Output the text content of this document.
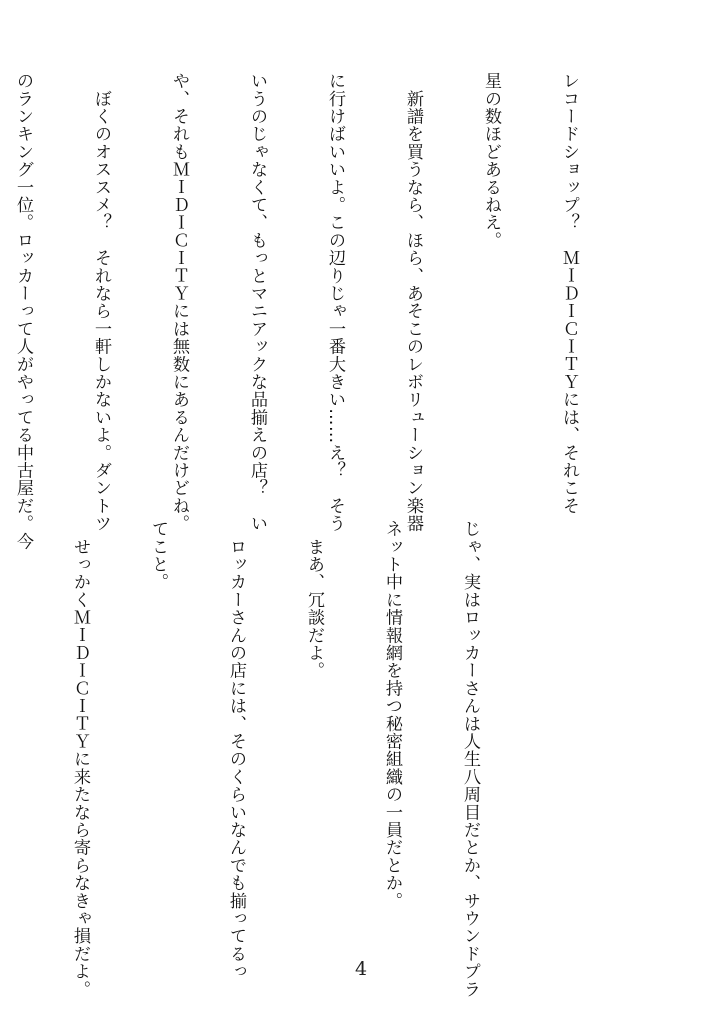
レコードショップ？　ＭＩＤＩＣＩＴＹには、それこそ

星の数ほどあるねえ。

　新譜を買うなら、ほら、あそこのレボリューション楽器

に行けばいいよ。この辺りじゃ一番大きい……え？　そう

いうのじゃなくて、もっとマニアックな品揃えの店？　い

や、それもＭＩＤＩＣＩＴＹには無数にあるんだけどね。

　ぼくのオススメ？　それなら一軒しかないよ。ダントツ

のランキング一位。ロッカーって人がやってる中古屋だ。今

じゃ、実はロッカーさんは人生八周目だとか、サウンドプラ

ネット中に情報網を持つ秘密組織の一員だとか。

　まあ、冗談だよ。

　ロッカーさんの店には、そのくらいなんでも揃ってるっ

てこと。

　せっかくＭＩＤＩＣＩＴＹに来たなら寄らなきゃ損だよ。

	4
